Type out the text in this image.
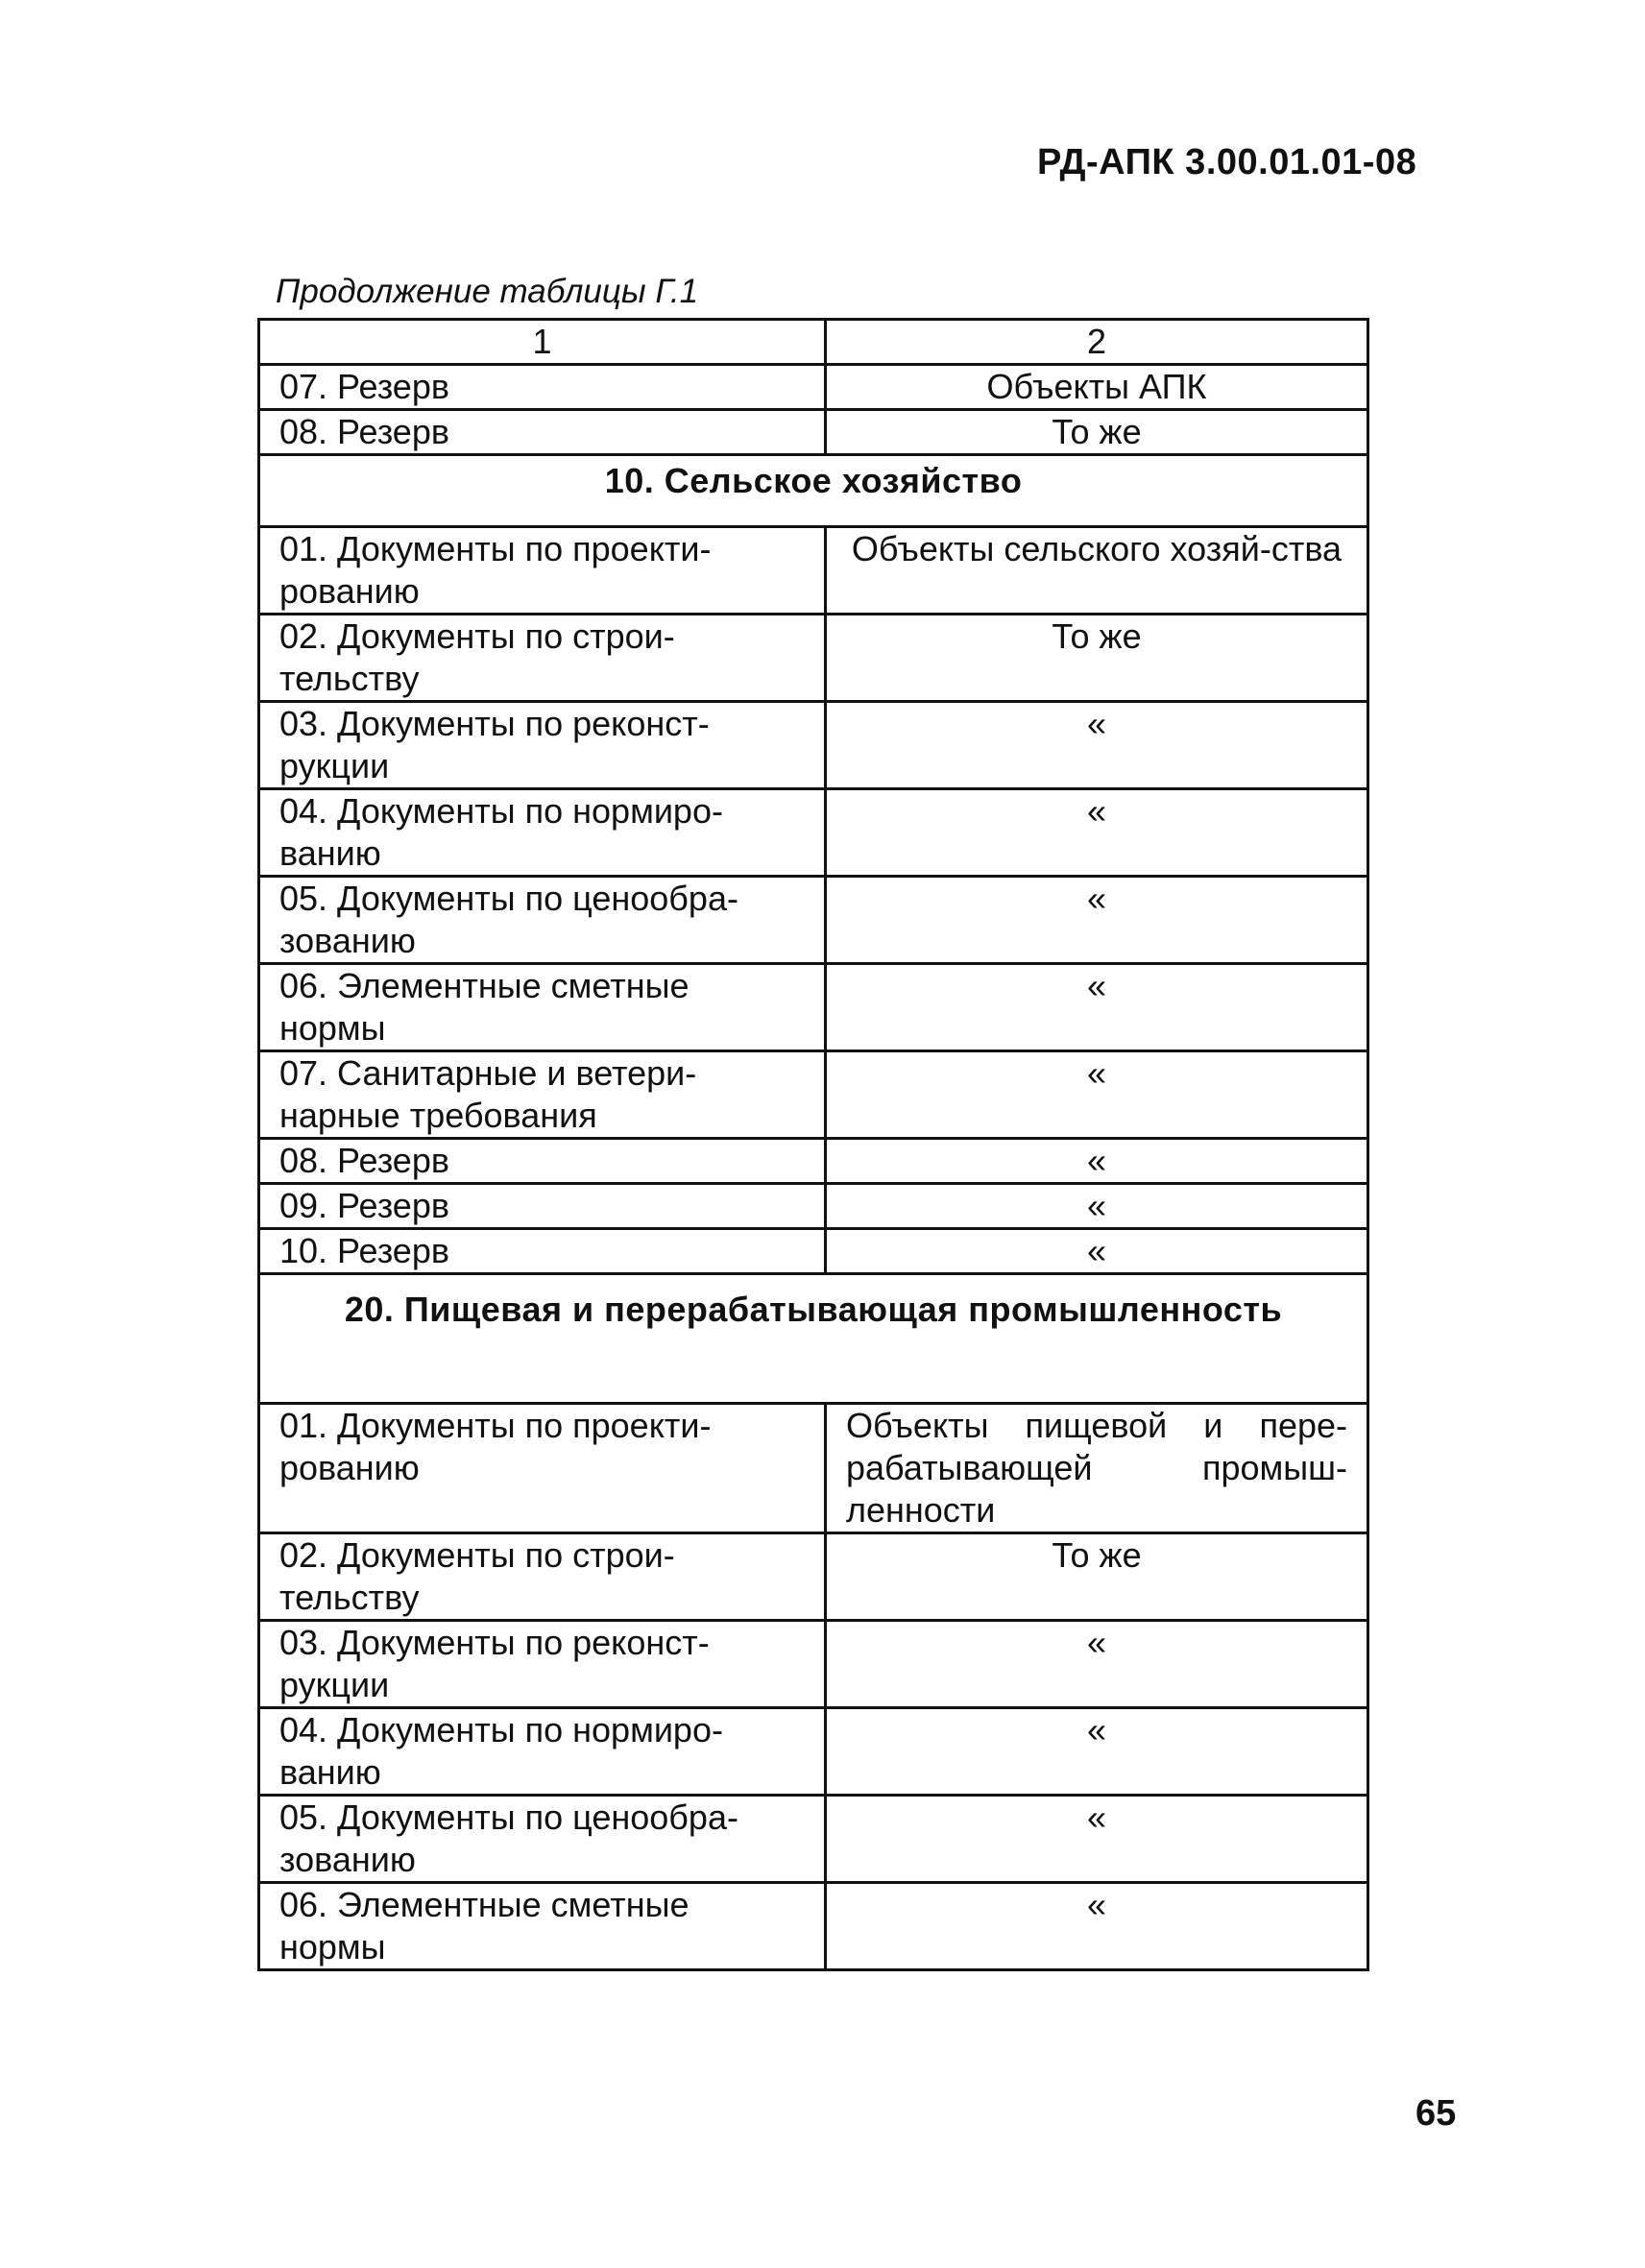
РД-АПК 3.00.01.01-08
Продолжение таблицы Г.1
1	2
07. Резерв	Объекты АПК
08. Резерв	То же
10. Сельское хозяйство	
01. Документы по проекти-рованию	Объекты сельского хозяй-ства
02. Документы по строи-тельству	То же
03. Документы по реконст-рукции	«
04. Документы по нормиро-ванию	«
05. Документы по ценообра-зованию	«
06. Элементные сметные нормы	«
07. Санитарные и ветери-нарные требования	«
08. Резерв	«
09. Резерв	«
10. Резерв	«
20. Пищевая и перерабатывающая промышленность	
01. Документы по проекти-рованию	Объекты пищевой и пере-рабатывающей промыш-ленности
02. Документы по строи-тельству	То же
03. Документы по реконст-рукции	«
04. Документы по нормиро-ванию	«
05. Документы по ценообра-зованию	«
06. Элементные сметные нормы	«
65
